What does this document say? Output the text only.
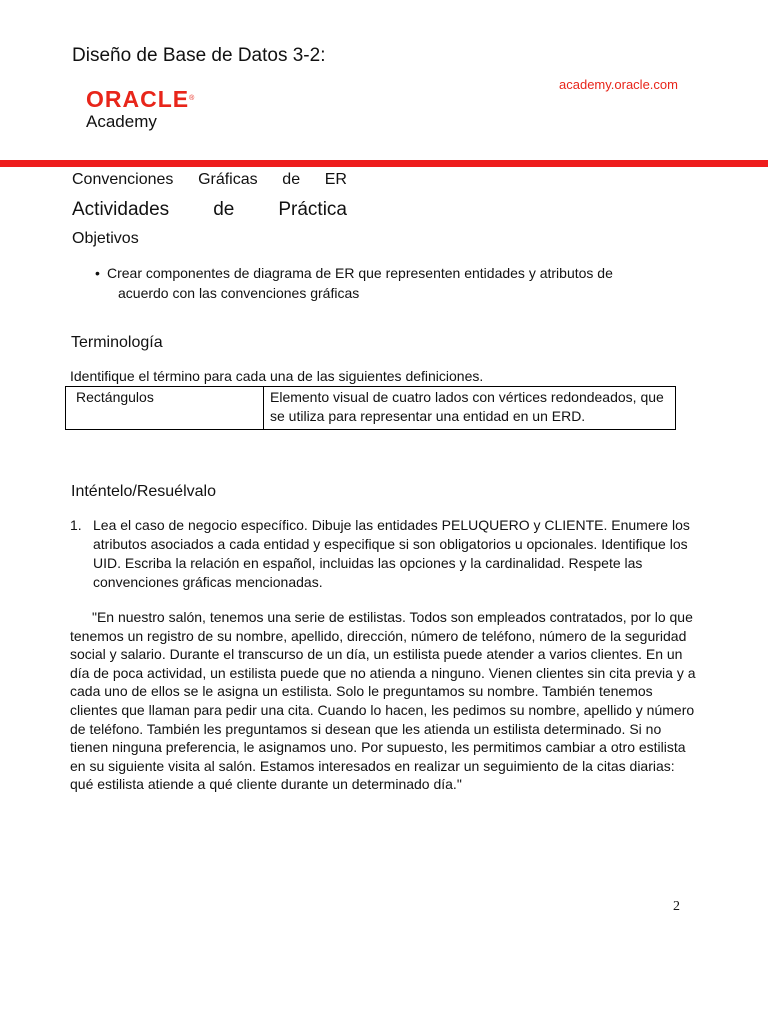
Diseño de Base de Datos 3-2:
academy.oracle.com
ORACLE®
Academy
Convenciones Gráficas de ER
Actividades de Práctica
Objetivos
• Crear componentes de diagrama de ER que representen entidades y atributos de
acuerdo con las convenciones gráficas
Terminología
Identifique el término para cada una de las siguientes definiciones.
Rectángulos	Elemento visual de cuatro lados con vértices redondeados, que se utiliza para representar una entidad en un ERD.
Inténtelo/Resuélvalo
1. Lea el caso de negocio específico. Dibuje las entidades PELUQUERO y CLIENTE. Enumere los atributos asociados a cada entidad y especifique si son obligatorios u opcionales. Identifique los UID. Escriba la relación en español, incluidas las opciones y la cardinalidad. Respete las convenciones gráficas mencionadas.
"En nuestro salón, tenemos una serie de estilistas. Todos son empleados contratados, por lo que tenemos un registro de su nombre, apellido, dirección, número de teléfono, número de la seguridad social y salario. Durante el transcurso de un día, un estilista puede atender a varios clientes. En un día de poca actividad, un estilista puede que no atienda a ninguno. Vienen clientes sin cita previa y a cada uno de ellos se le asigna un estilista. Solo le preguntamos su nombre. También tenemos clientes que llaman para pedir una cita. Cuando lo hacen, les pedimos su nombre, apellido y número de teléfono. También les preguntamos si desean que les atienda un estilista determinado. Si no tienen ninguna preferencia, le asignamos uno. Por supuesto, les permitimos cambiar a otro estilista en su siguiente visita al salón. Estamos interesados en realizar un seguimiento de la citas diarias: qué estilista atiende a qué cliente durante un determinado día."
2
